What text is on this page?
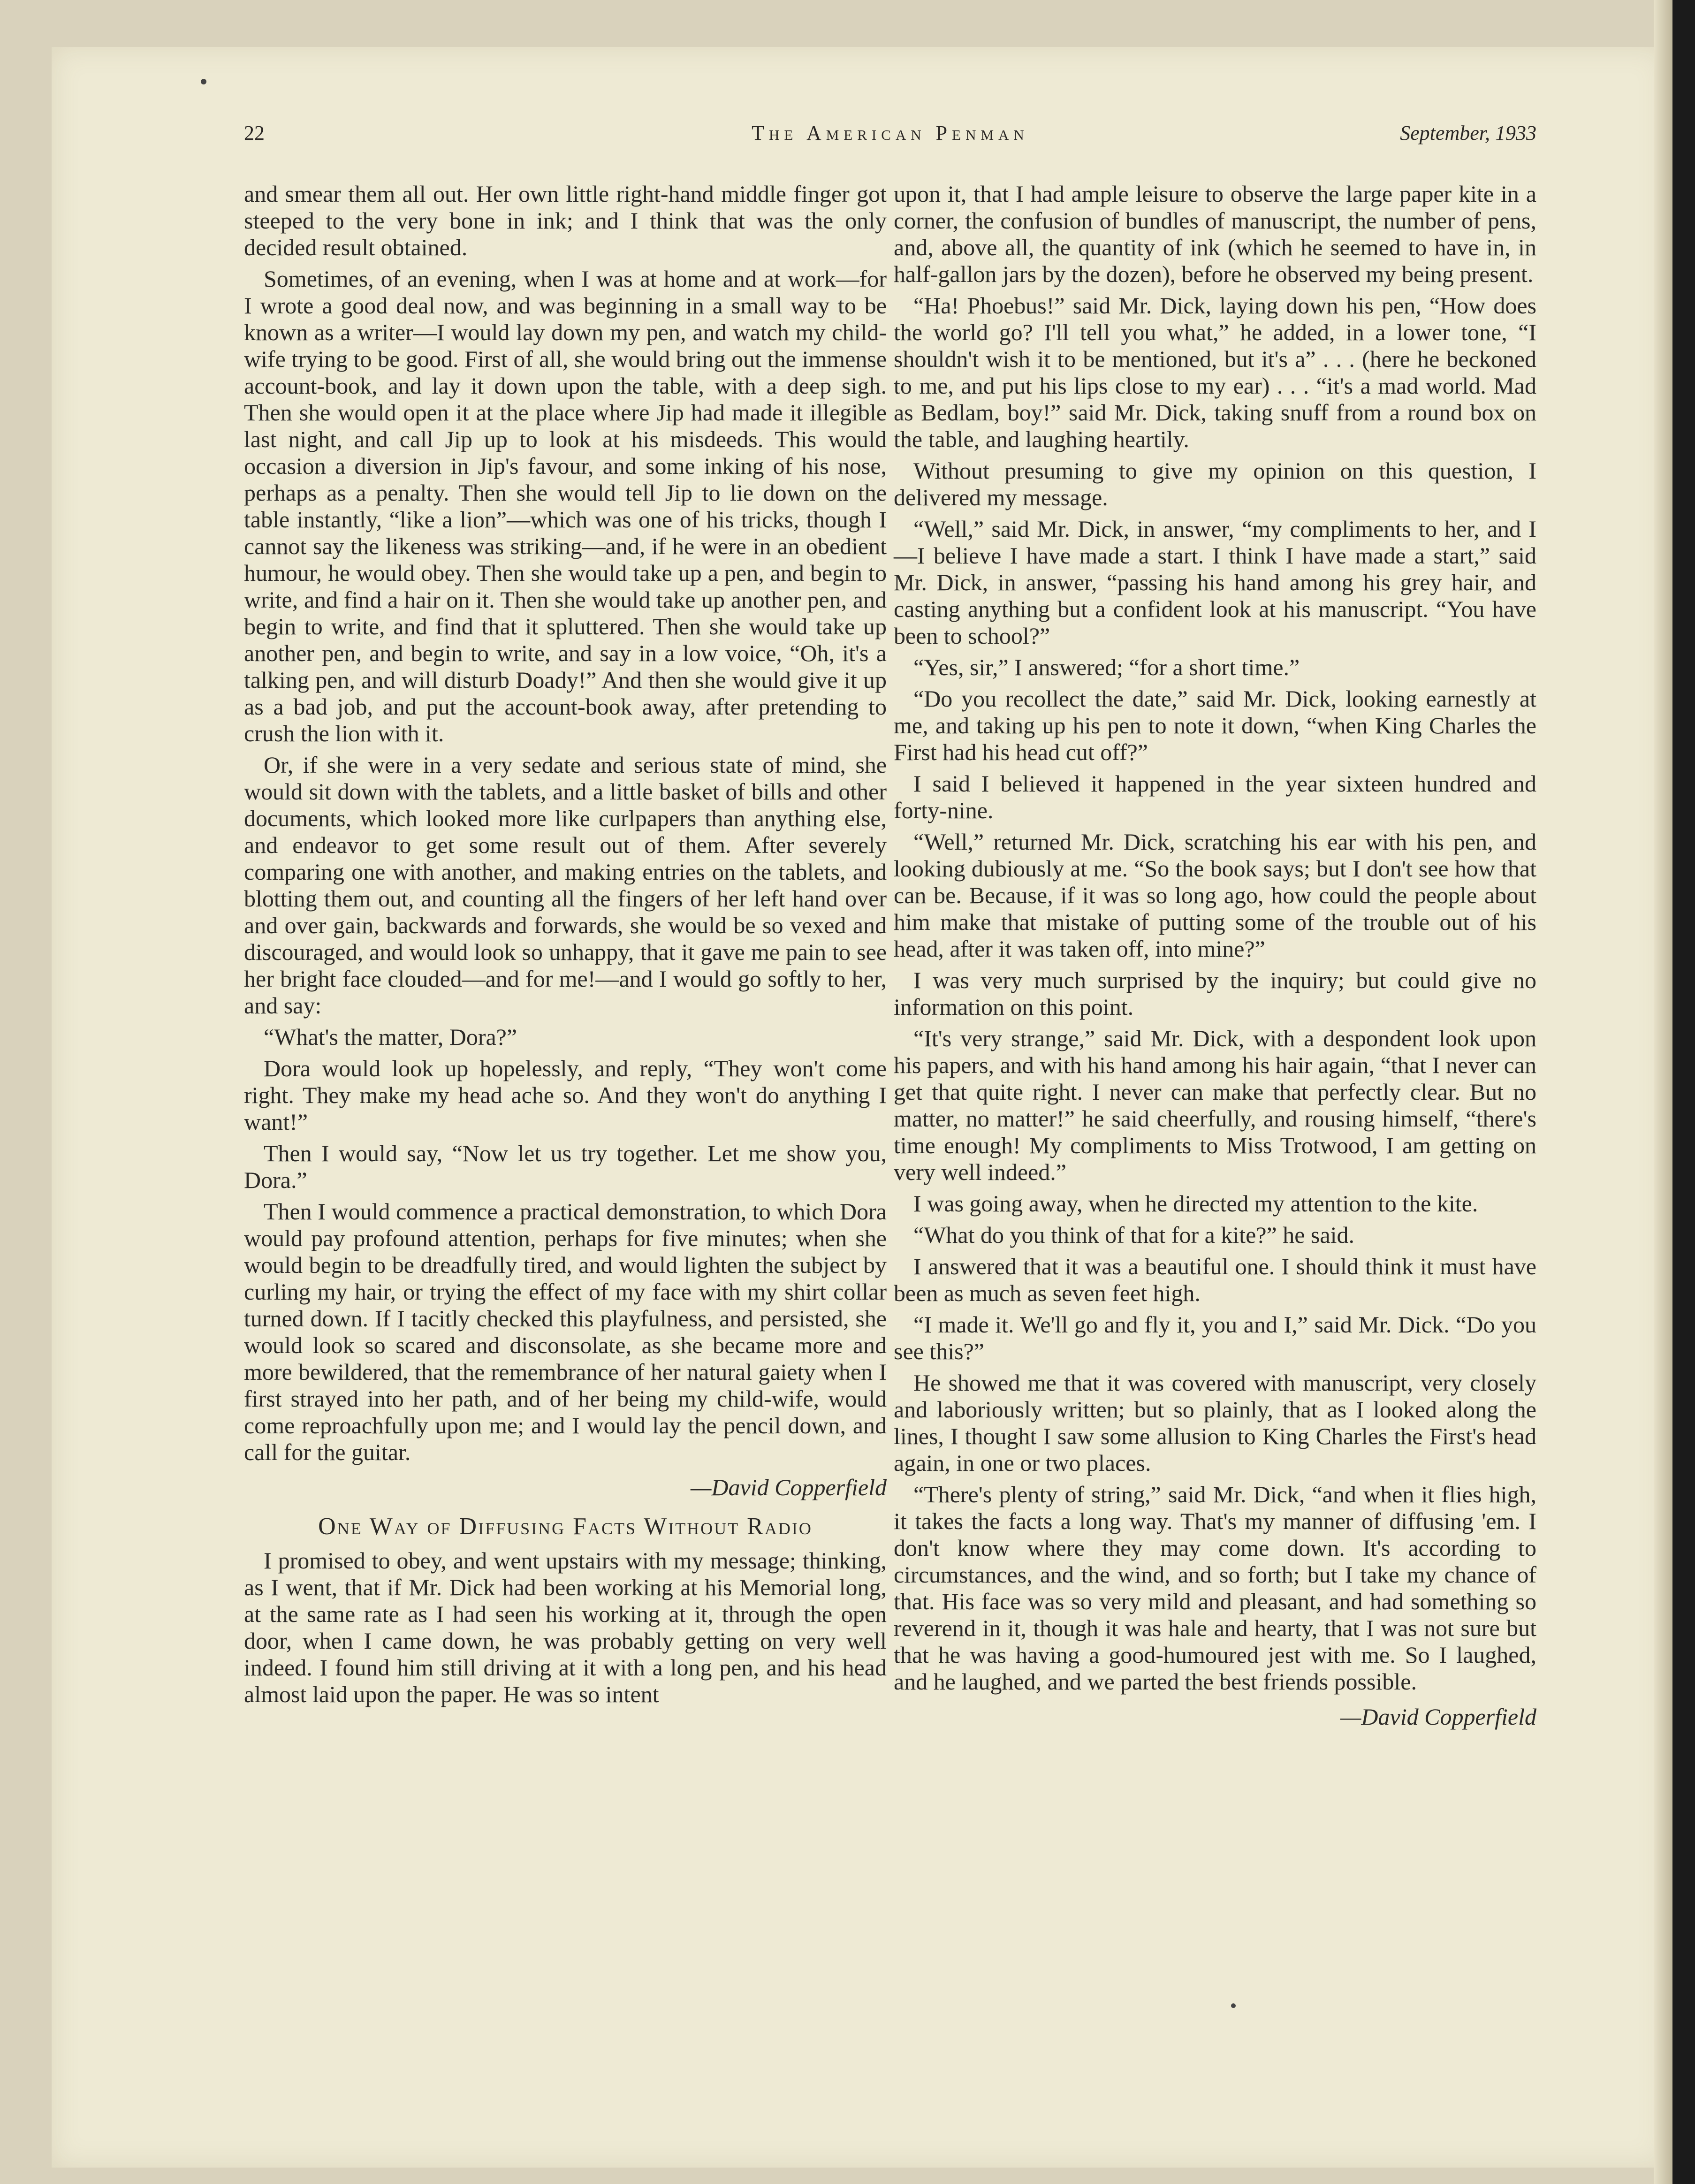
22	The American Penman	September, 1933

and smear them all out. Her own little right-hand middle finger got steeped to the very bone in ink; and I think that was the only decided result obtained.

Sometimes, of an evening, when I was at home and at work—for I wrote a good deal now, and was beginning in a small way to be known as a writer—I would lay down my pen, and watch my child-wife trying to be good. First of all, she would bring out the immense account-book, and lay it down upon the table, with a deep sigh. Then she would open it at the place where Jip had made it illegible last night, and call Jip up to look at his misdeeds. This would occasion a diversion in Jip's favour, and some inking of his nose, perhaps as a penalty. Then she would tell Jip to lie down on the table instantly, “like a lion”—which was one of his tricks, though I cannot say the likeness was striking—and, if he were in an obedient humour, he would obey. Then she would take up a pen, and begin to write, and find a hair on it. Then she would take up another pen, and begin to write, and find that it spluttered. Then she would take up another pen, and begin to write, and say in a low voice, “Oh, it's a talking pen, and will disturb Doady!” And then she would give it up as a bad job, and put the account-book away, after pretending to crush the lion with it.

Or, if she were in a very sedate and serious state of mind, she would sit down with the tablets, and a little basket of bills and other documents, which looked more like curlpapers than anything else, and endeavor to get some result out of them. After severely comparing one with another, and making entries on the tablets, and blotting them out, and counting all the fingers of her left hand over and over gain, backwards and forwards, she would be so vexed and discouraged, and would look so unhappy, that it gave me pain to see her bright face clouded—and for me!—and I would go softly to her, and say:

“What's the matter, Dora?”

Dora would look up hopelessly, and reply, “They won't come right. They make my head ache so. And they won't do anything I want!”

Then I would say, “Now let us try together. Let me show you, Dora.”

Then I would commence a practical demonstration, to which Dora would pay profound attention, perhaps for five minutes; when she would begin to be dreadfully tired, and would lighten the subject by curling my hair, or trying the effect of my face with my shirt collar turned down. If I tacitly checked this playfulness, and persisted, she would look so scared and disconsolate, as she became more and more bewildered, that the remembrance of her natural gaiety when I first strayed into her path, and of her being my child-wife, would come reproachfully upon me; and I would lay the pencil down, and call for the guitar.

—David Copperfield
One Way of Diffusing Facts Without Radio

I promised to obey, and went upstairs with my message; thinking, as I went, that if Mr. Dick had been working at his Memorial long, at the same rate as I had seen his working at it, through the open door, when I came down, he was probably getting on very well indeed. I found him still driving at it with a long pen, and his head almost laid upon the paper. He was so intent

upon it, that I had ample leisure to observe the large paper kite in a corner, the confusion of bundles of manuscript, the number of pens, and, above all, the quantity of ink (which he seemed to have in, in half-gallon jars by the dozen), before he observed my being present.

“Ha! Phoebus!” said Mr. Dick, laying down his pen, “How does the world go? I'll tell you what,” he added, in a lower tone, “I shouldn't wish it to be mentioned, but it's a” . . . (here he beckoned to me, and put his lips close to my ear) . . . “it's a mad world. Mad as Bedlam, boy!” said Mr. Dick, taking snuff from a round box on the table, and laughing heartily.

Without presuming to give my opinion on this question, I delivered my message.

“Well,” said Mr. Dick, in answer, “my compliments to her, and I—I believe I have made a start. I think I have made a start,” said Mr. Dick, in answer, “passing his hand among his grey hair, and casting anything but a confident look at his manuscript. “You have been to school?”

“Yes, sir,” I answered; “for a short time.”

“Do you recollect the date,” said Mr. Dick, looking earnestly at me, and taking up his pen to note it down, “when King Charles the First had his head cut off?”

I said I believed it happened in the year sixteen hundred and forty-nine.

“Well,” returned Mr. Dick, scratching his ear with his pen, and looking dubiously at me. “So the book says; but I don't see how that can be. Because, if it was so long ago, how could the people about him make that mistake of putting some of the trouble out of his head, after it was taken off, into mine?”

I was very much surprised by the inquiry; but could give no information on this point.

“It's very strange,” said Mr. Dick, with a despondent look upon his papers, and with his hand among his hair again, “that I never can get that quite right. I never can make that perfectly clear. But no matter, no matter!” he said cheerfully, and rousing himself, “there's time enough! My compliments to Miss Trotwood, I am getting on very well indeed.”

I was going away, when he directed my attention to the kite.

“What do you think of that for a kite?” he said.

I answered that it was a beautiful one. I should think it must have been as much as seven feet high.

“I made it. We'll go and fly it, you and I,” said Mr. Dick. “Do you see this?”

He showed me that it was covered with manuscript, very closely and laboriously written; but so plainly, that as I looked along the lines, I thought I saw some allusion to King Charles the First's head again, in one or two places.

“There's plenty of string,” said Mr. Dick, “and when it flies high, it takes the facts a long way. That's my manner of diffusing 'em. I don't know where they may come down. It's according to circumstances, and the wind, and so forth; but I take my chance of that. His face was so very mild and pleasant, and had something so reverend in it, though it was hale and hearty, that I was not sure but that he was having a good-humoured jest with me. So I laughed, and he laughed, and we parted the best friends possible.

—David Copperfield
